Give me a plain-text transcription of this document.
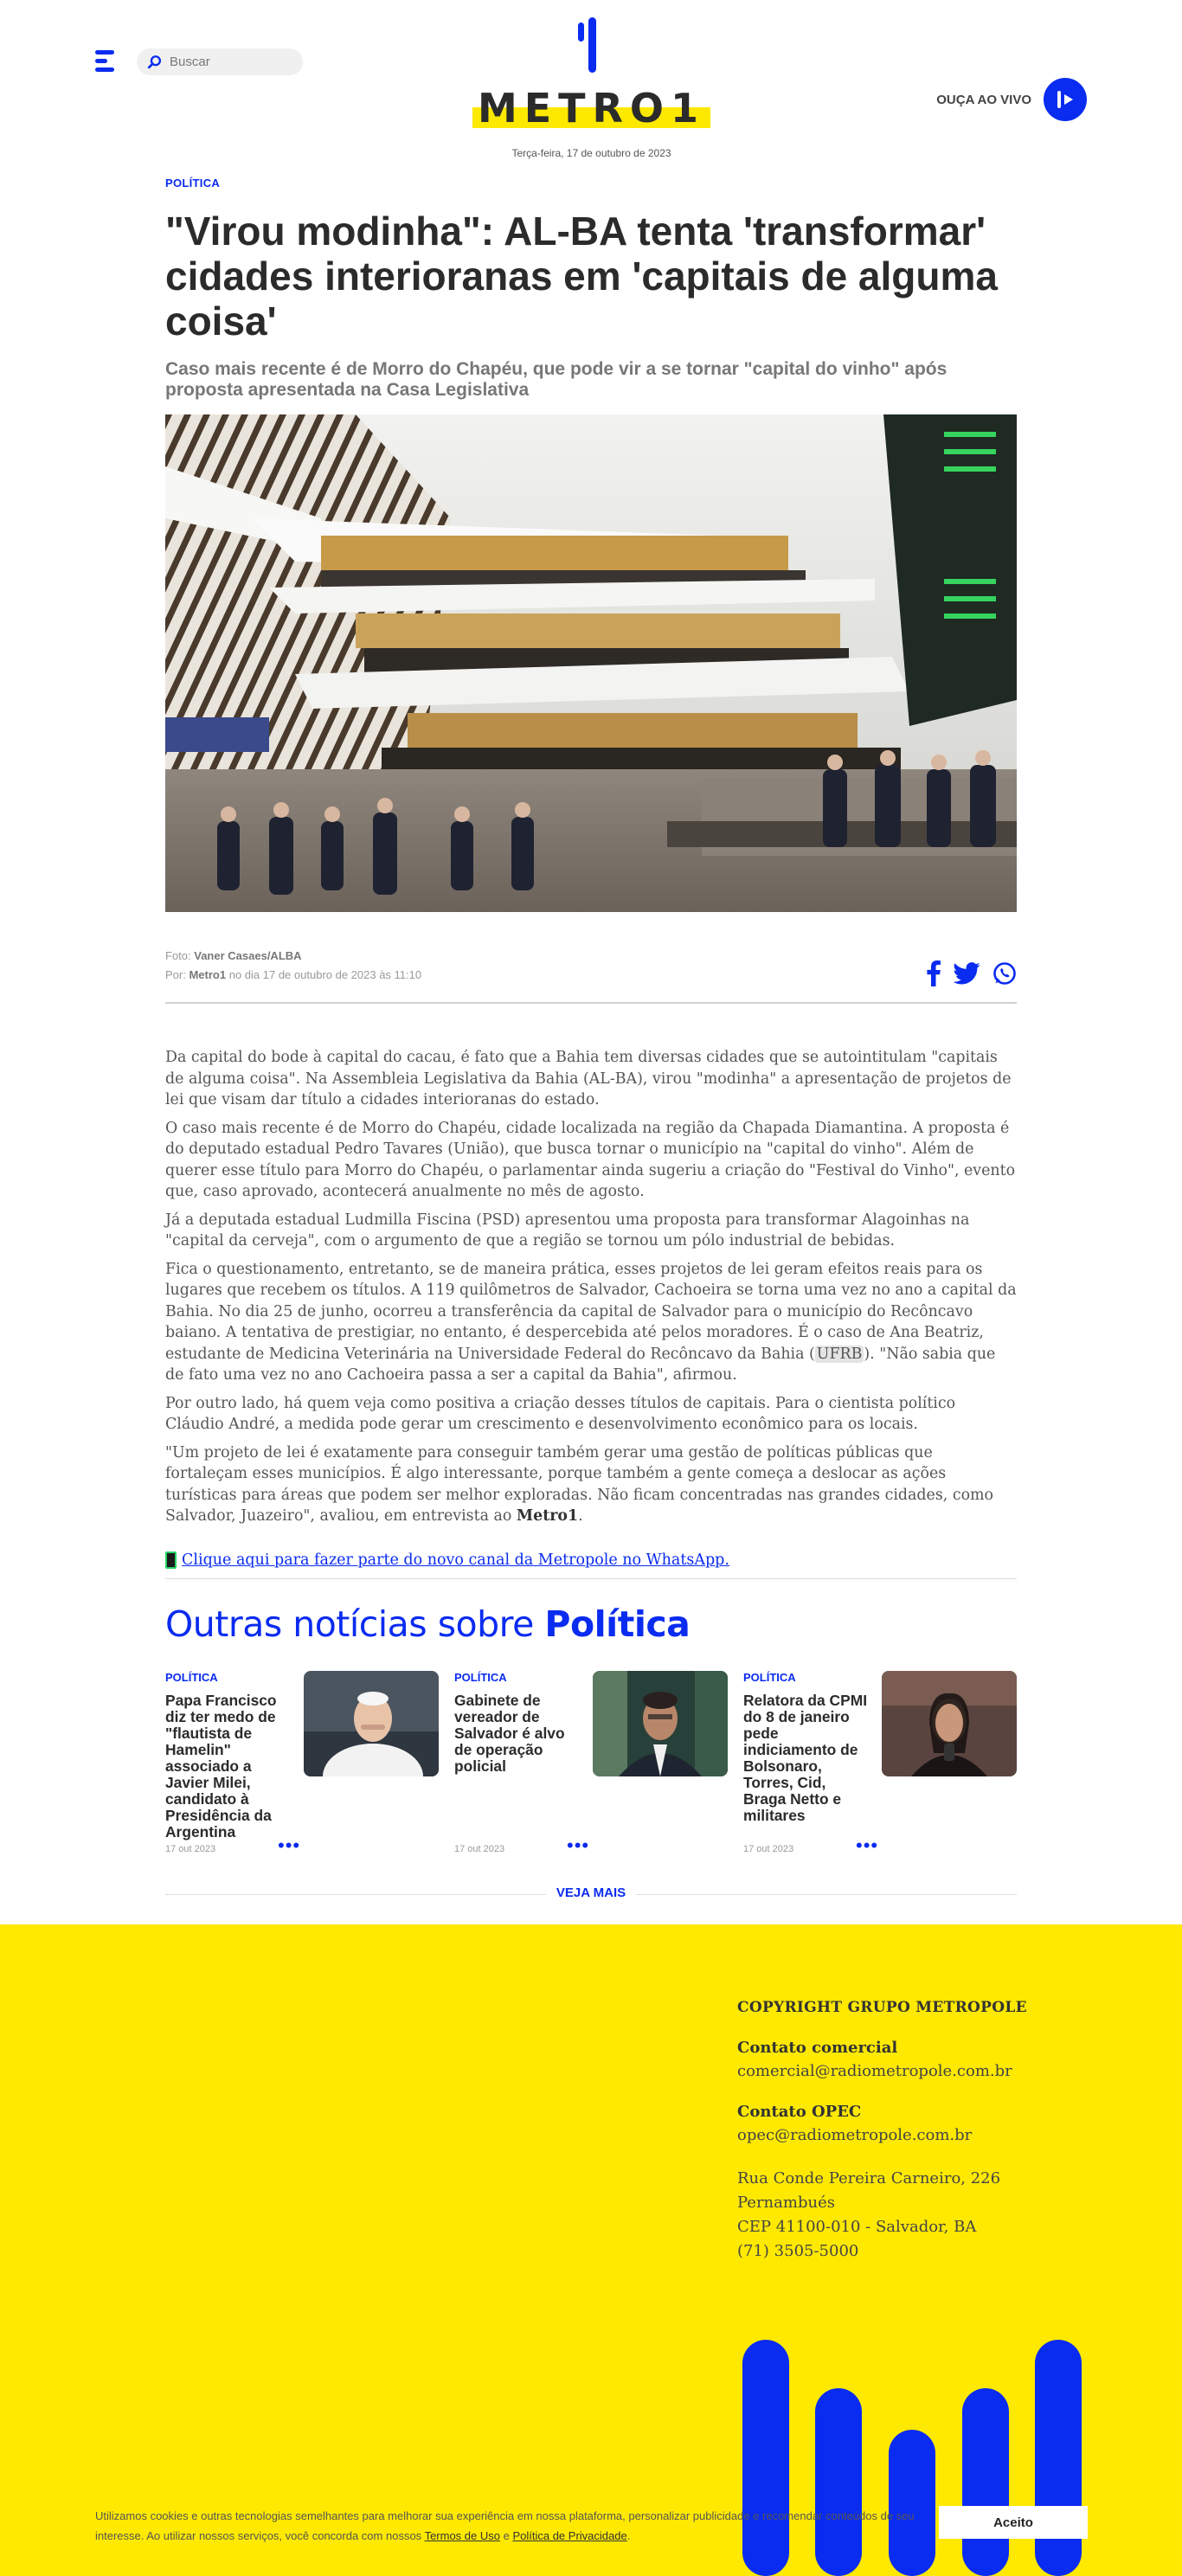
Buscar
METRO1
Terça-feira, 17 de outubro de 2023
OUÇA AO VIVO
POLÍTICA
"Virou modinha": AL-BA tenta 'transformar' cidades interioranas em 'capitais de alguma coisa'
Caso mais recente é de Morro do Chapéu, que pode vir a se tornar "capital do vinho" após proposta apresentada na Casa Legislativa
Foto: Vaner Casaes/ALBA
Por: Metro1 no dia 17 de outubro de 2023 às 11:10

Da capital do bode à capital do cacau, é fato que a Bahia tem diversas cidades que se autointitulam "capitais de alguma coisa". Na Assembleia Legislativa da Bahia (AL-BA), virou "modinha" a apresentação de projetos de lei que visam dar título a cidades interioranas do estado.

O caso mais recente é de Morro do Chapéu, cidade localizada na região da Chapada Diamantina. A proposta é do deputado estadual Pedro Tavares (União), que busca tornar o município na "capital do vinho". Além de querer esse título para Morro do Chapéu, o parlamentar ainda sugeriu a criação do "Festival do Vinho", evento que, caso aprovado, acontecerá anualmente no mês de agosto.

Já a deputada estadual Ludmilla Fiscina (PSD) apresentou uma proposta para transformar Alagoinhas na "capital da cerveja", com o argumento de que a região se tornou um pólo industrial de bebidas.

Fica o questionamento, entretanto, se de maneira prática, esses projetos de lei geram efeitos reais para os lugares que recebem os títulos. A 119 quilômetros de Salvador, Cachoeira se torna uma vez no ano a capital da Bahia. No dia 25 de junho, ocorreu a transferência da capital de Salvador para o município do Recôncavo baiano. A tentativa de prestigiar, no entanto, é despercebida até pelos moradores. É o caso de Ana Beatriz, estudante de Medicina Veterinária na Universidade Federal do Recôncavo da Bahia ( UFRB ). "Não sabia que de fato uma vez no ano Cachoeira passa a ser a capital da Bahia", afirmou.

Por outro lado, há quem veja como positiva a criação desses títulos de capitais. Para o cientista político Cláudio André, a medida pode gerar um crescimento e desenvolvimento econômico para os locais.

"Um projeto de lei é exatamente para conseguir também gerar uma gestão de políticas públicas que fortaleçam esses municípios. É algo interessante, porque também a gente começa a deslocar as ações turísticas para áreas que podem ser melhor exploradas. Não ficam concentradas nas grandes cidades, como Salvador, Juazeiro", avaliou, em entrevista ao Metro1.

Clique aqui para fazer parte do novo canal da Metropole no WhatsApp.
Outras notícias sobre Política
POLÍTICA
Papa Francisco diz ter medo de "flautista de Hamelin" associado a Javier Milei, candidato à Presidência da Argentina
17 out 2023	•••
POLÍTICA
Gabinete de vereador de Salvador é alvo de operação policial
17 out 2023	•••
POLÍTICA
Relatora da CPMI do 8 de janeiro pede indiciamento de Bolsonaro, Torres, Cid, Braga Netto e militares
17 out 2023	•••
VEJA MAIS
COPYRIGHT GRUPO METROPOLE
Contato comercial
comercial@radiometropole.com.br
Contato OPEC
opec@radiometropole.com.br
Rua Conde Pereira Carneiro, 226
Pernambués
CEP 41100-010 - Salvador, BA
(71) 3505-5000
Utilizamos cookies e outras tecnologias semelhantes para melhorar sua experiência em nossa plataforma, personalizar publicidade e recomendar conteúdos de seu interesse. Ao utilizar nossos serviços, você concorda com nossos Termos de Uso e Política de Privacidade.
Aceito
